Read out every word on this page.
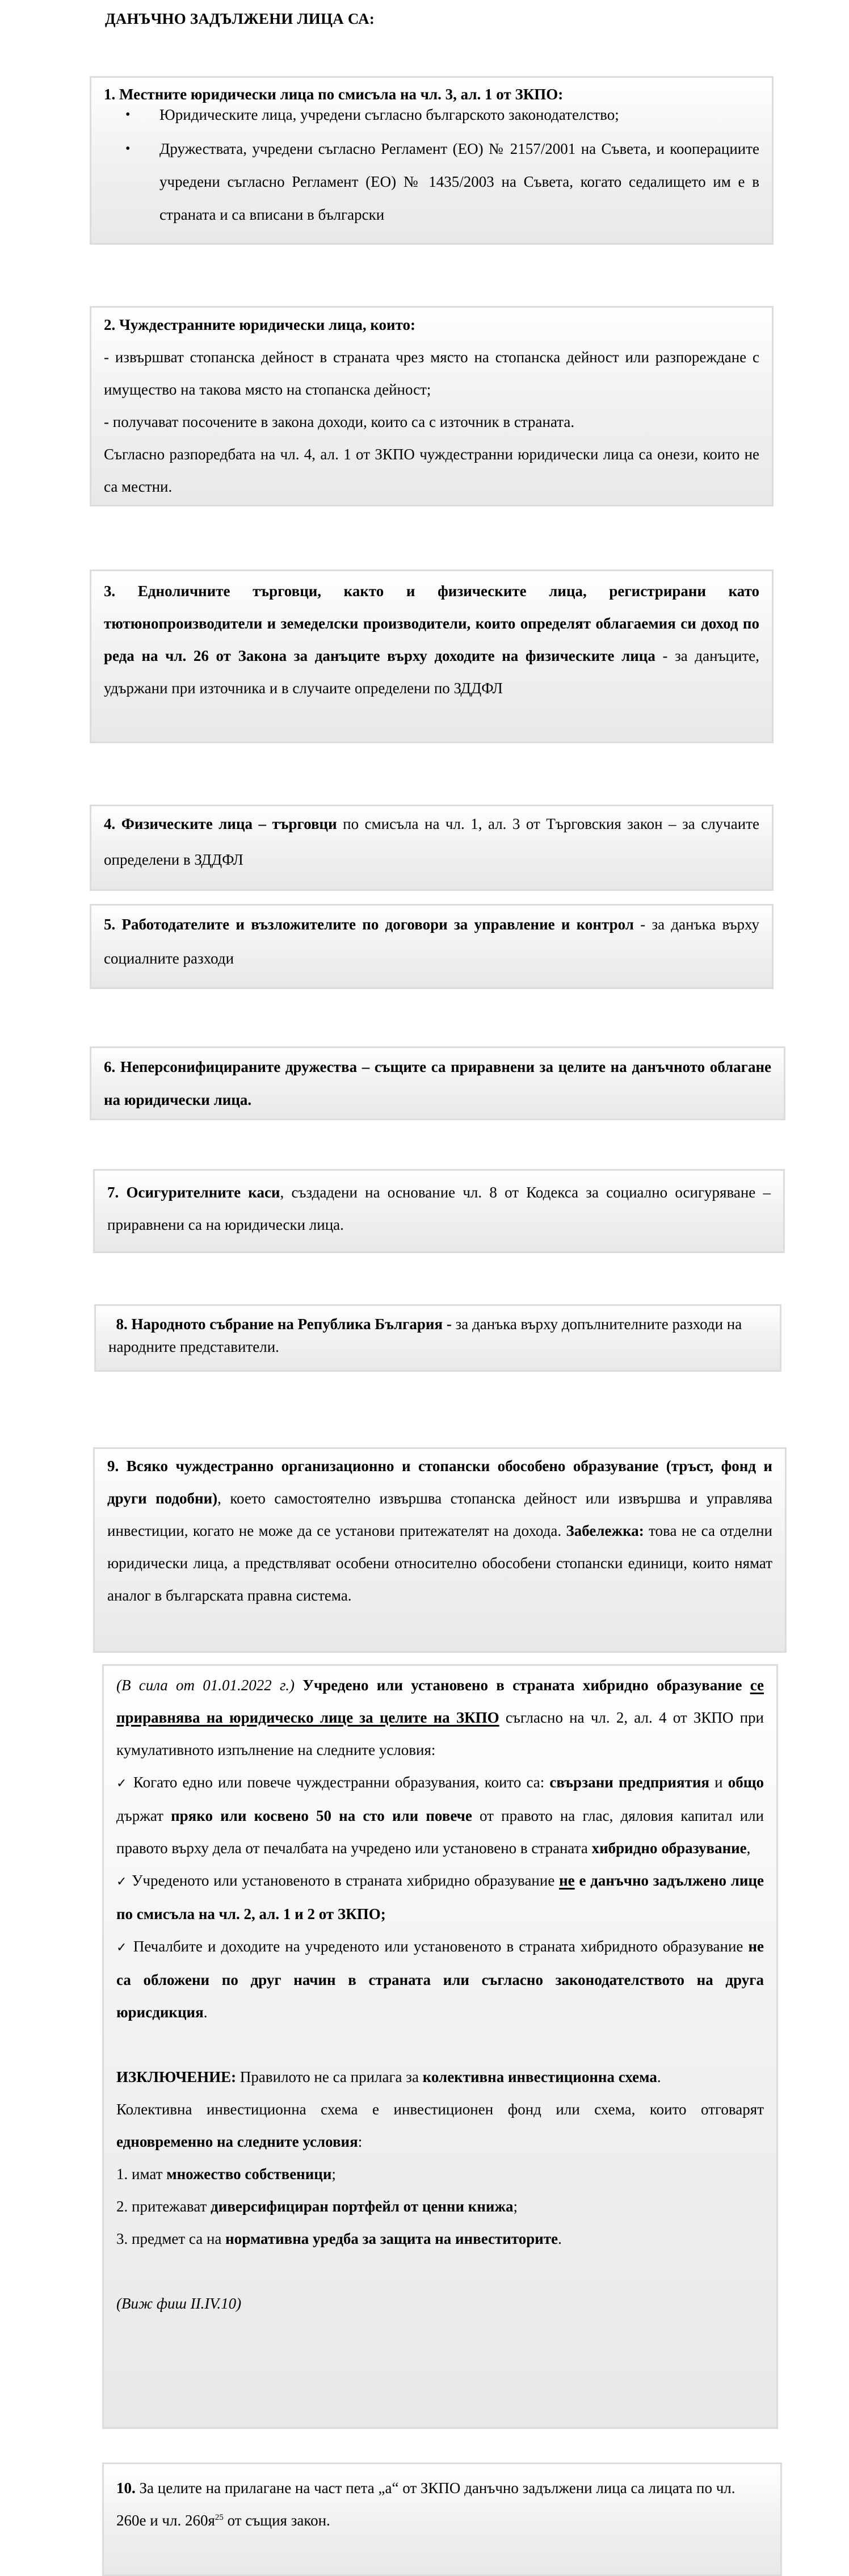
ДАНЪЧНО ЗАДЪЛЖЕНИ ЛИЦА СА:

1. Местните юридически лица по смисъла на чл. 3, ал. 1 от ЗКПО:

• Юридическите лица, учредени съгласно българското законодателство;
• Дружествата, учредени съгласно Регламент (ЕО) № 2157/2001 на Съвета, и кооперациите учредени съгласно Регламент (ЕО) № 1435/2003 на Съвета, когато седалището им е в страната и са вписани в български

2. Чуждестранните юридически лица, които:

- извършват стопанска дейност в страната чрез място на стопанска дейност или разпореждане с имущество на такова място на стопанска дейност;

- получават посочените в закона доходи, които са с източник в страната.

Съгласно разпоредбата на чл. 4, ал. 1 от ЗКПО чуждестранни юридически лица са онези, които не са местни.

3. Едноличните търговци, както и физическите лица, регистрирани като тютюнопроизводители и земеделски производители, които определят облагаемия си доход по реда на чл. 26 от Закона за данъците върху доходите на физическите лица - за данъците, удържани при източника и в случаите определени по ЗДДФЛ

4. Физическите лица – търговци по смисъла на чл. 1, ал. 3 от Търговския закон – за случаите определени в ЗДДФЛ

5. Работодателите и възложителите по договори за управление и контрол - за данъка върху социалните разходи

6. Неперсонифицираните дружества – същите са приравнени за целите на данъчното облагане на юридически лица.

7. Осигурителните каси, създадени на основание чл. 8 от Кодекса за социално осигуряване – приравнени са на юридически лица.

8. Народното събрание на Република България - за данъка върху допълнителните разходи на народните представители.

9. Всяко чуждестранно организационно и стопански обособено образувание (тръст, фонд и други подобни), което самостоятелно извършва стопанска дейност или извършва и управлява инвестиции, когато не може да се установи притежателят на дохода. Забележка: това не са отделни юридически лица, а предствляват особени относително обособени стопански единици, които нямат аналог в българската правна система.

(В сила от 01.01.2022 г.) Учредено или установено в страната хибридно образувание се приравнява на юридическо лице за целите на ЗКПО съгласно на чл. 2, ал. 4 от ЗКПО при кумулативното изпълнение на следните условия:

✓ Когато едно или повече чуждестранни образувания, които са: свързани предприятия и общо държат пряко или косвено 50 на сто или повече от правото на глас, дяловия капитал или правото върху дела от печалбата на учредено или установено в страната хибридно образувание,

✓ Учреденото или установеното в страната хибридно образувание не е данъчно задължено лице по смисъла на чл. 2, ал. 1 и 2 от ЗКПО;

✓ Печалбите и доходите на учреденото или установеното в страната хибридното образувание не са обложени по друг начин в страната или съгласно законодателството на друга юрисдикция.

ИЗКЛЮЧЕНИЕ: Правилото не са прилага за колективна инвестиционна схема.

Колективна инвестиционна схема е инвестиционен фонд или схема, които отговарят едновременно на следните условия:

1. имат множество собственици;

2. притежават диверсифициран портфейл от ценни книжа;

3. предмет са на нормативна уредба за защита на инвеститорите.

(Виж фиш II.IV.10)

10. За целите на прилагане на част пета „а“ от ЗКПО данъчно задължени лица са лицата по чл. 260е и чл. $260я^{25}$ от същия закон.
